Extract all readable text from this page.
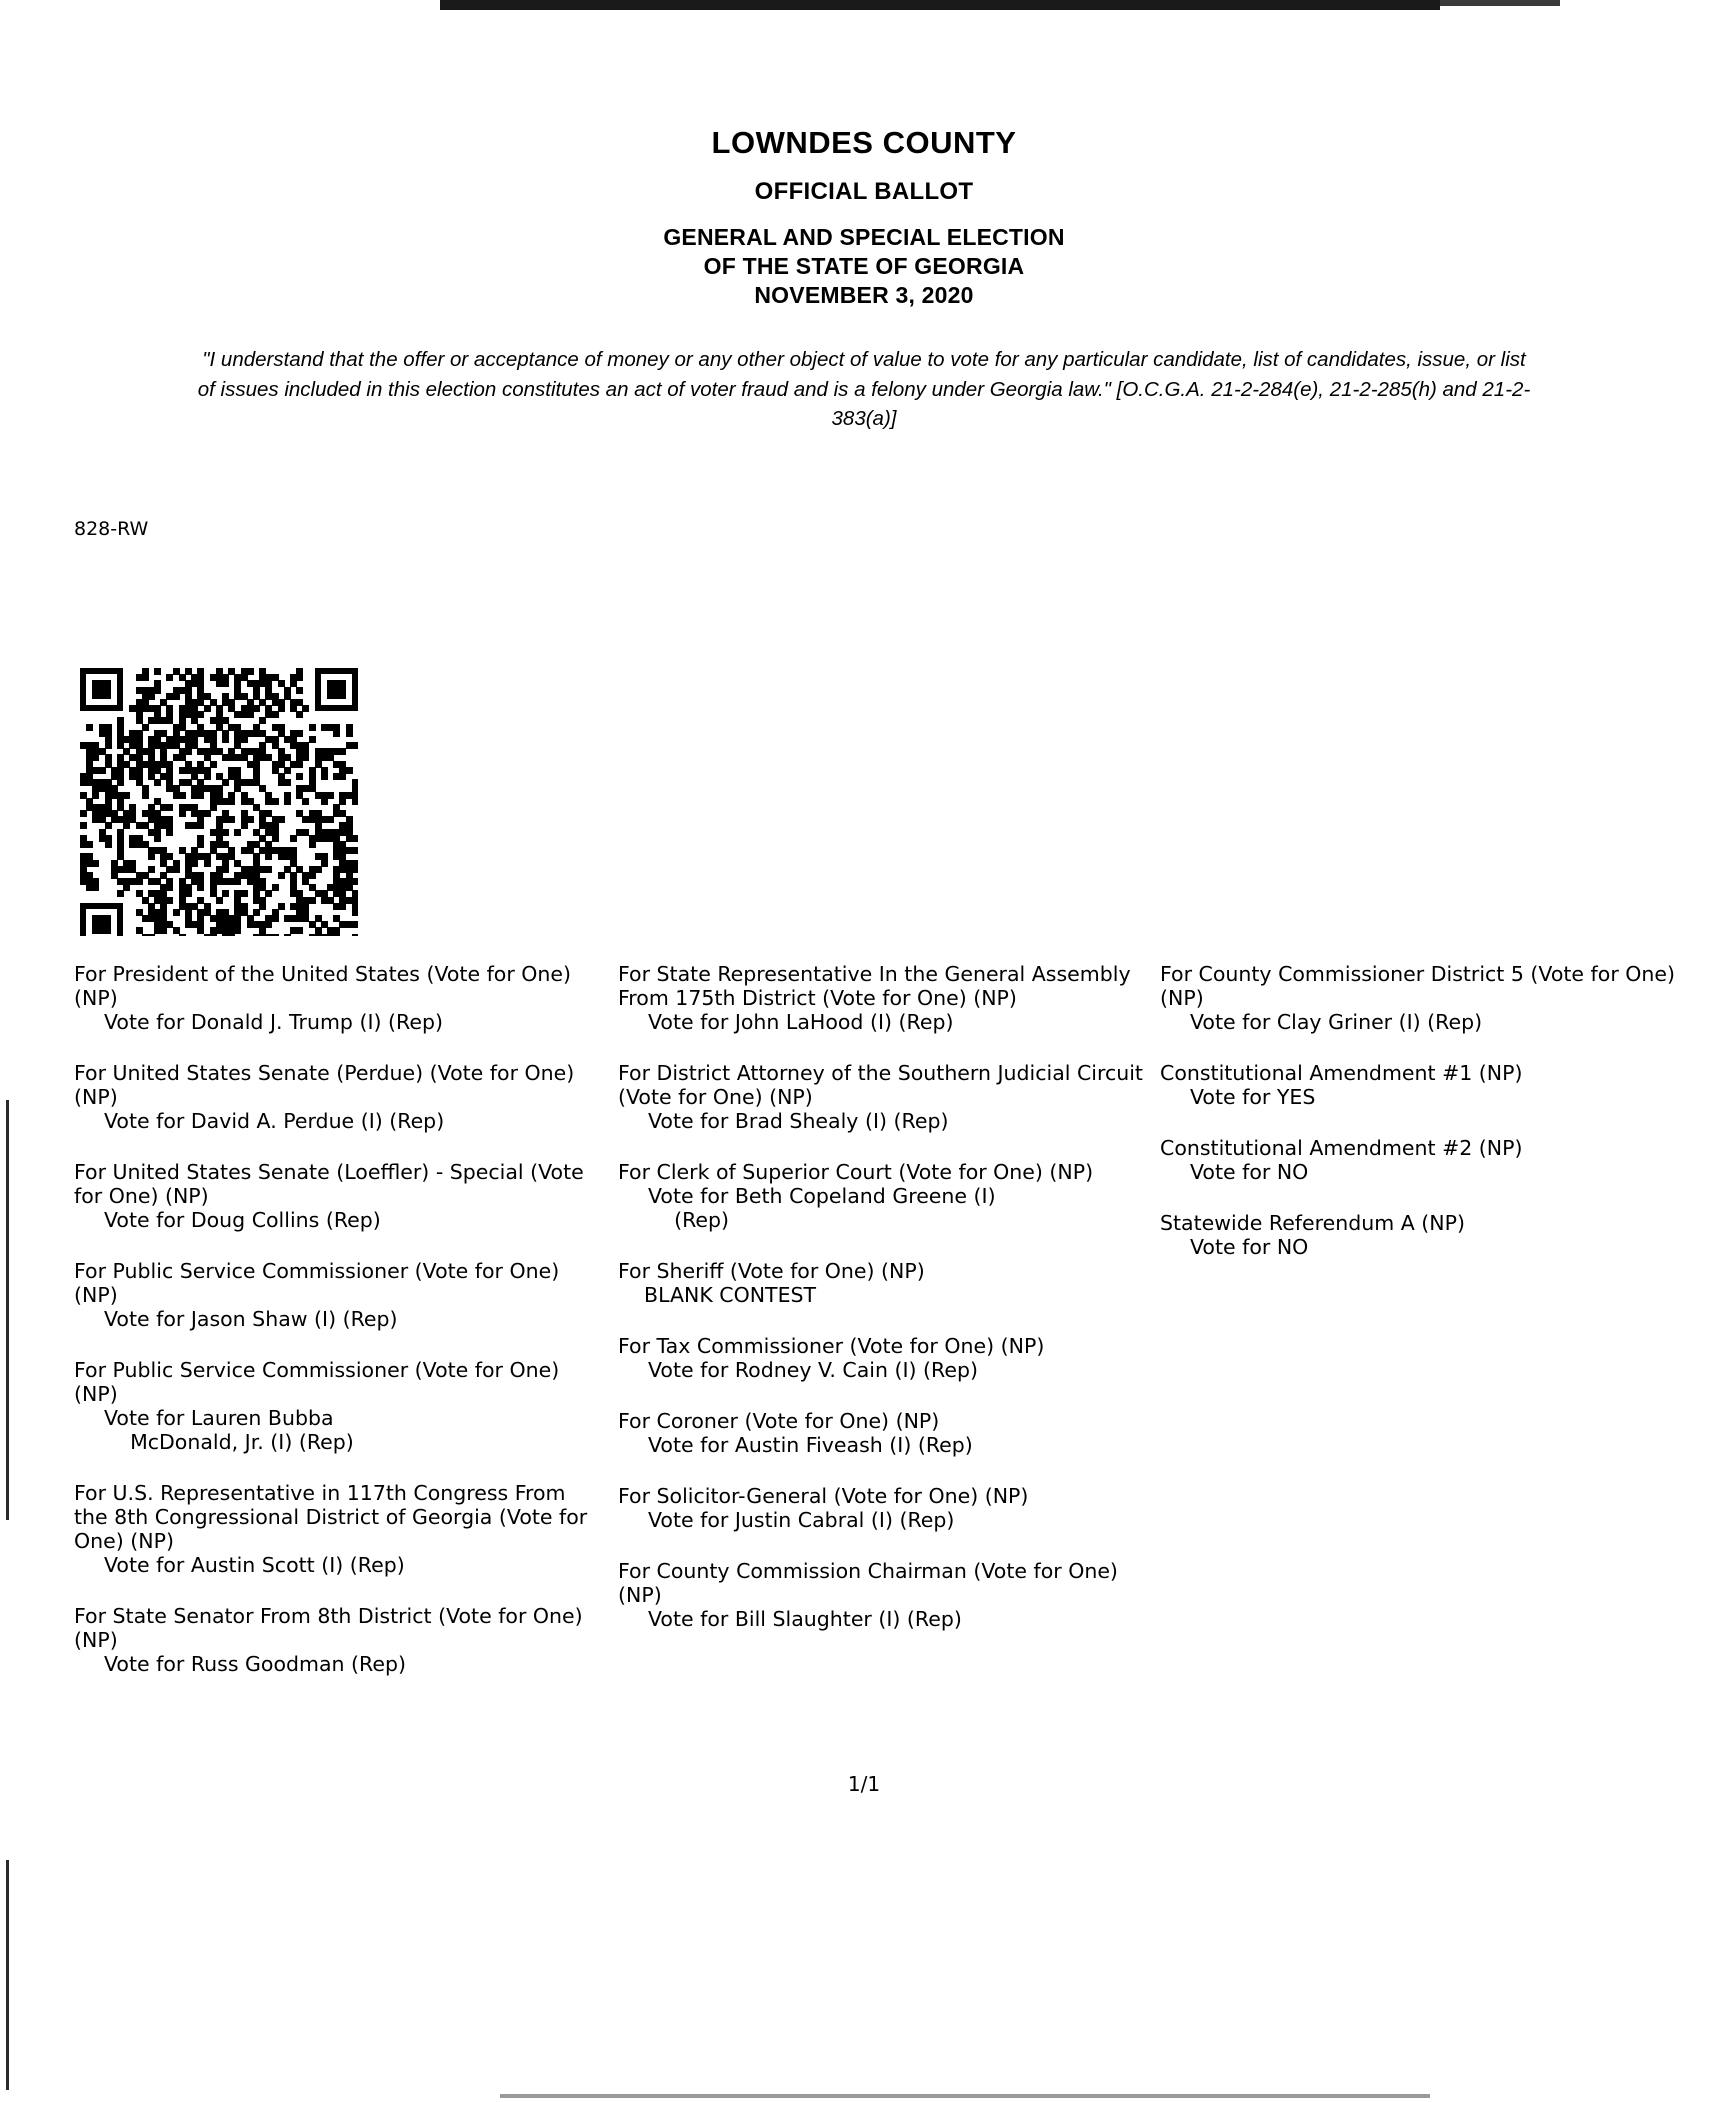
LOWNDES COUNTY
OFFICIAL BALLOT
GENERAL AND SPECIAL ELECTION
OF THE STATE OF GEORGIA
NOVEMBER 3, 2020
"I understand that the offer or acceptance of money or any other object of value to vote for any particular candidate, list of candidates, issue, or list of issues included in this election constitutes an act of voter fraud and is a felony under Georgia law." [O.C.G.A. 21-2-284(e), 21-2-285(h) and 21-2-383(a)]
828-RW
For President of the United States (Vote for One) (NP)
Vote for Donald J. Trump (I) (Rep)
For United States Senate (Perdue) (Vote for One) (NP)
Vote for David A. Perdue (I) (Rep)
For United States Senate (Loeffler) - Special (Vote for One) (NP)
Vote for Doug Collins (Rep)
For Public Service Commissioner (Vote for One) (NP)
Vote for Jason Shaw (I) (Rep)
For Public Service Commissioner (Vote for One) (NP)
Vote for Lauren Bubba
McDonald, Jr. (I) (Rep)
For U.S. Representative in 117th Congress From the 8th Congressional District of Georgia (Vote for One) (NP)
Vote for Austin Scott (I) (Rep)
For State Senator From 8th District (Vote for One) (NP)
Vote for Russ Goodman (Rep)
For State Representative In the General Assembly From 175th District (Vote for One) (NP)
Vote for John LaHood (I) (Rep)
For District Attorney of the Southern Judicial Circuit (Vote for One) (NP)
Vote for Brad Shealy (I) (Rep)
For Clerk of Superior Court (Vote for One) (NP)
Vote for Beth Copeland Greene (I)
(Rep)
For Sheriff (Vote for One) (NP)
BLANK CONTEST
For Tax Commissioner (Vote for One) (NP)
Vote for Rodney V. Cain (I) (Rep)
For Coroner (Vote for One) (NP)
Vote for Austin Fiveash (I) (Rep)
For Solicitor-General (Vote for One) (NP)
Vote for Justin Cabral (I) (Rep)
For County Commission Chairman (Vote for One) (NP)
Vote for Bill Slaughter (I) (Rep)
For County Commissioner District 5 (Vote for One) (NP)
Vote for Clay Griner (I) (Rep)
Constitutional Amendment #1 (NP)
Vote for YES
Constitutional Amendment #2 (NP)
Vote for NO
Statewide Referendum A (NP)
Vote for NO
1/1
